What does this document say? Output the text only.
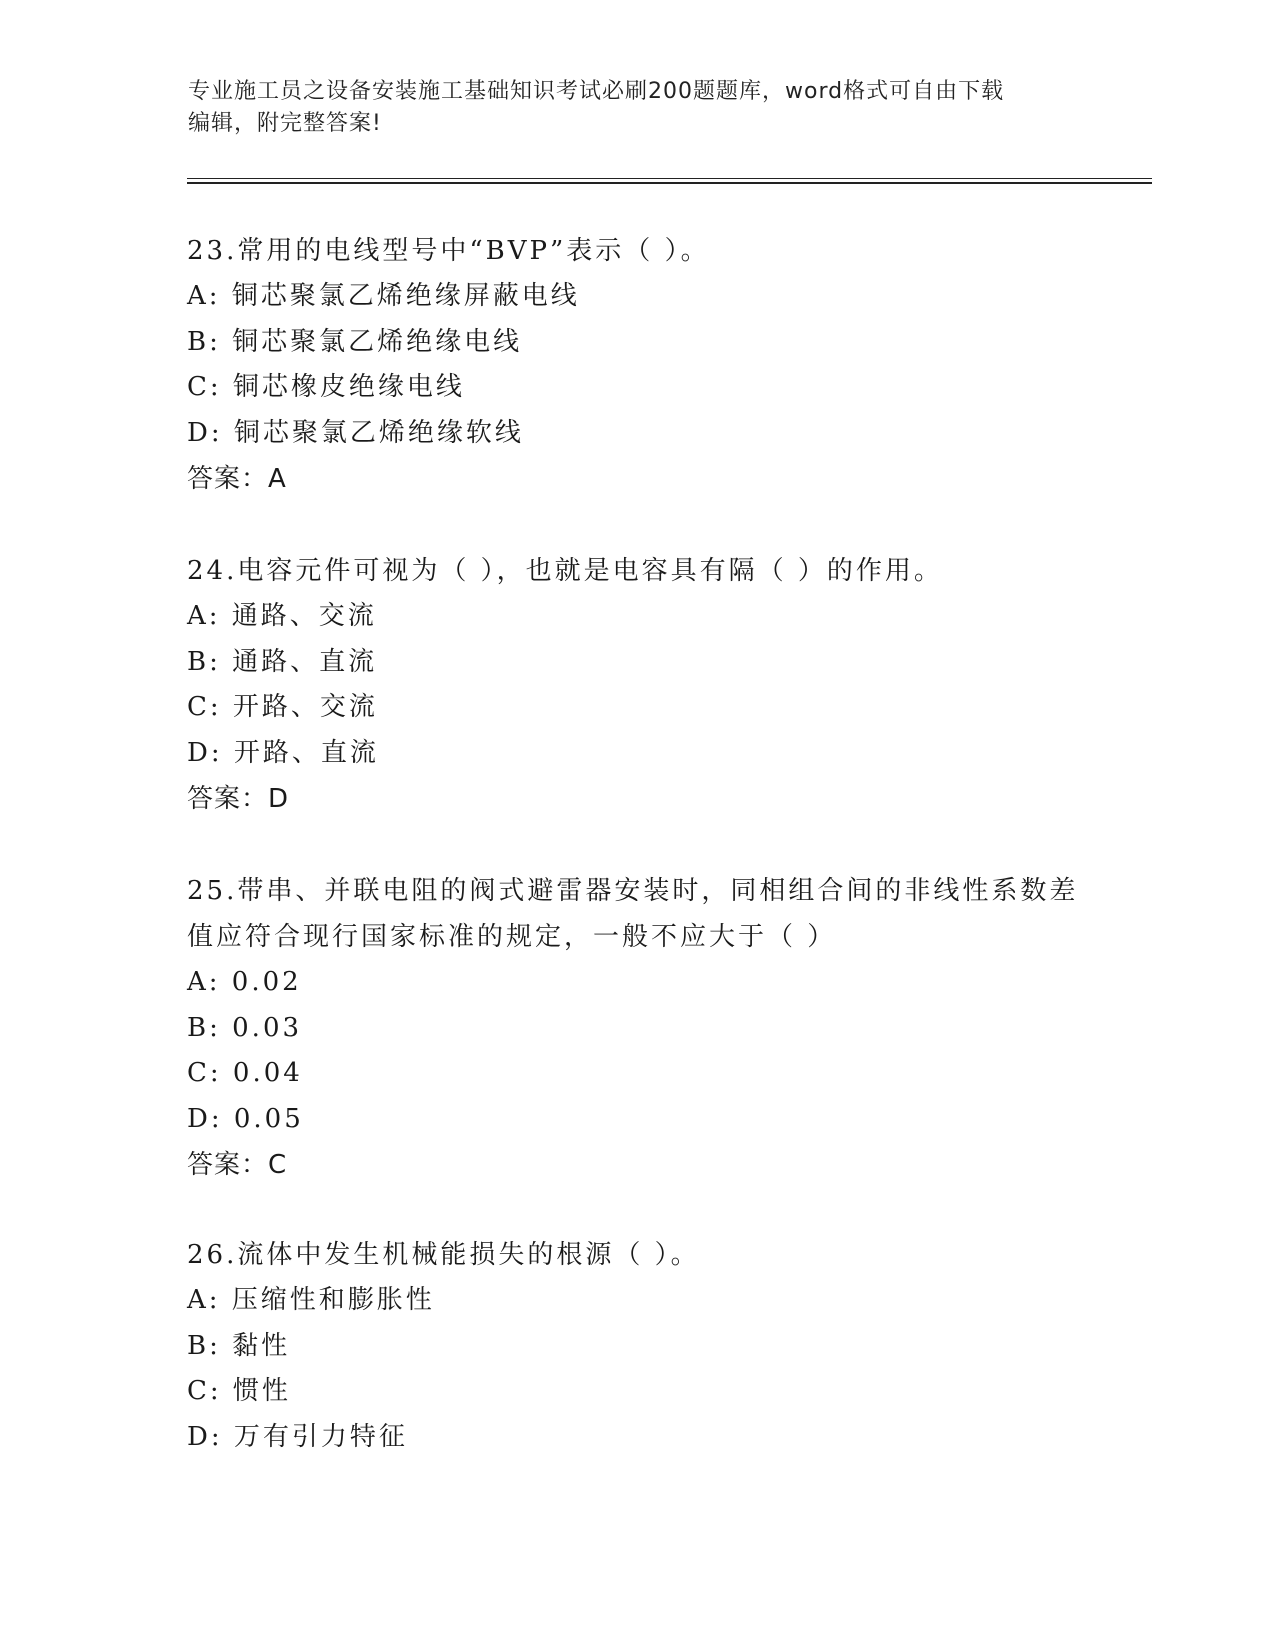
专业施工员之设备安装施工基础知识考试必刷200题题库，word格式可自由下载
编辑，附完整答案!

23.常用的电线型号中“BVP”表示（ ）。

A: 铜芯聚氯乙烯绝缘屏蔽电线

B: 铜芯聚氯乙烯绝缘电线

C: 铜芯橡皮绝缘电线

D: 铜芯聚氯乙烯绝缘软线

答案：A

24.电容元件可视为（ ），也就是电容具有隔（ ）的作用。

A: 通路、交流

B: 通路、直流

C: 开路、交流

D: 开路、直流

答案：D

25.带串、并联电阻的阀式避雷器安装时，同相组合间的非线性系数差

值应符合现行国家标准的规定，一般不应大于（ ）

A: 0.02

B: 0.03

C: 0.04

D: 0.05

答案：C

26.流体中发生机械能损失的根源（ ）。

A: 压缩性和膨胀性

B: 黏性

C: 惯性

D: 万有引力特征
